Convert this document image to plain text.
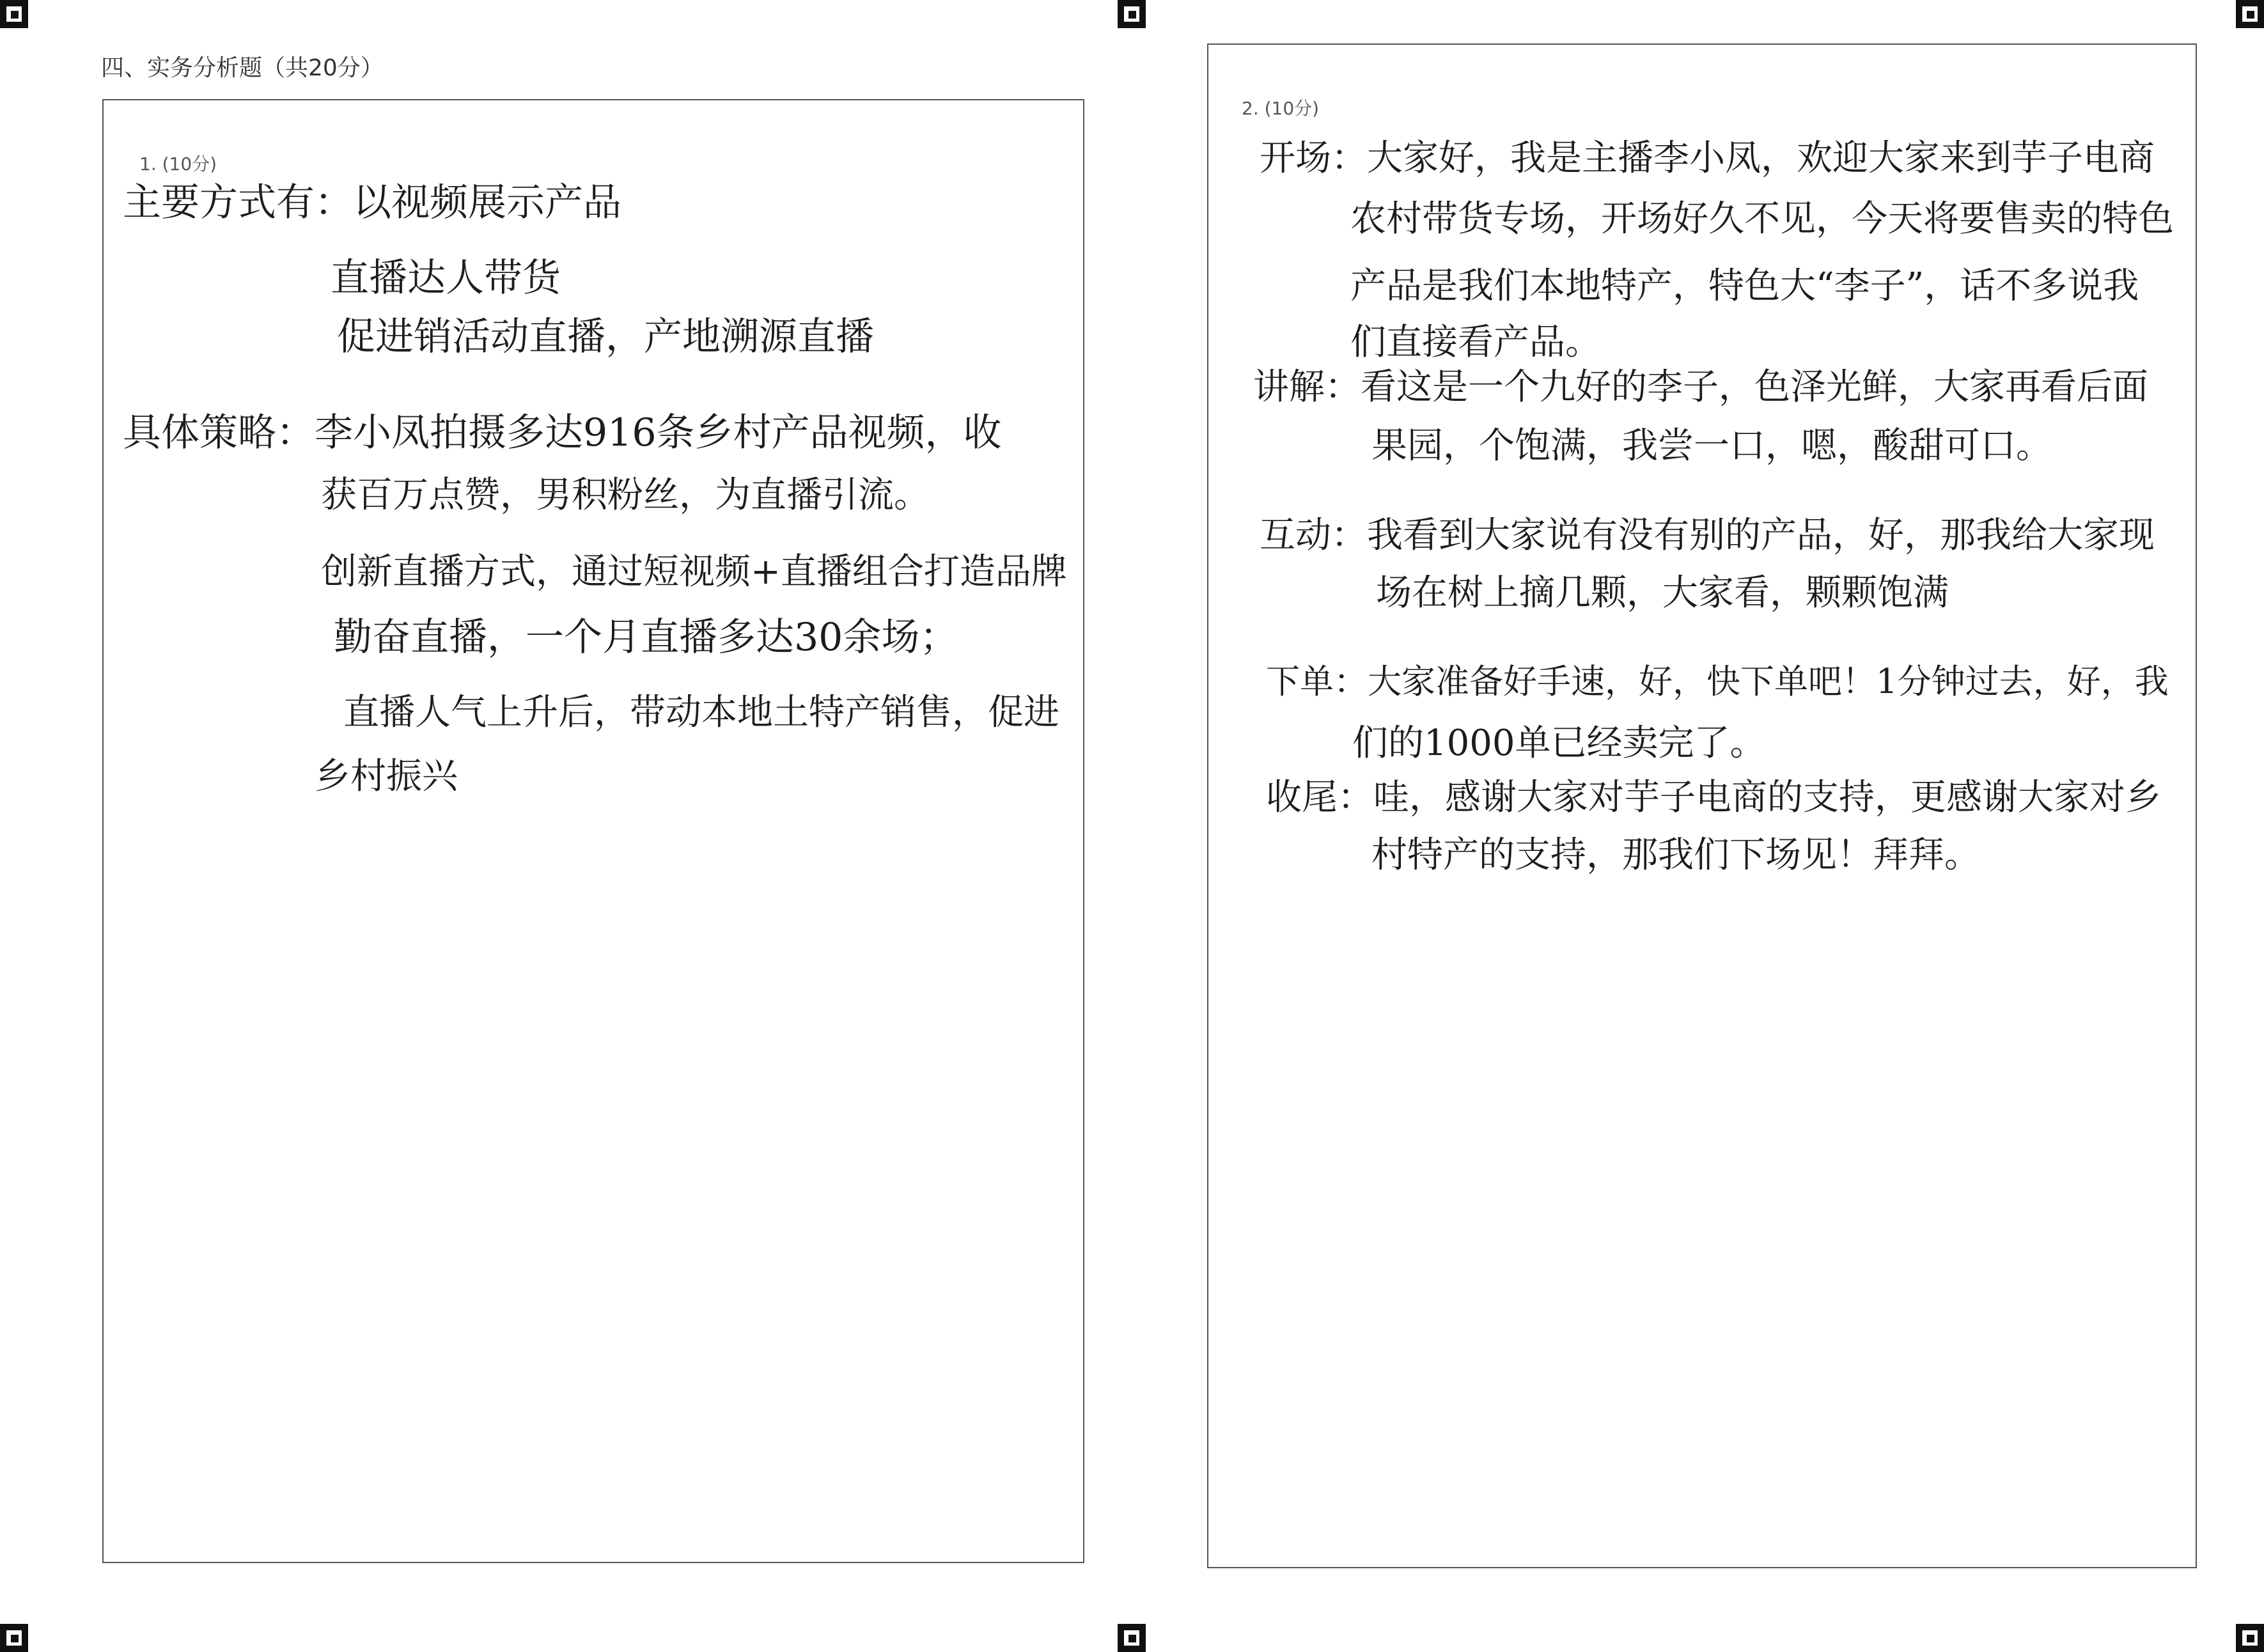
四、实务分析题（共20分）
1. (10分)
主要方式有：以视频展示产品
直播达人带货
促进销活动直播，产地溯源直播
具体策略：李小凤拍摄多达916条乡村产品视频，收
获百万点赞，男积粉丝，为直播引流。
创新直播方式，通过短视频+直播组合打造品牌
勤奋直播，一个月直播多达30余场；
直播人气上升后，带动本地土特产销售，促进
乡村振兴
2. (10分)
开场：大家好，我是主播李小凤，欢迎大家来到芋子电商
农村带货专场，开场好久不见，今天将要售卖的特色
产品是我们本地特产，特色大“李子”，话不多说我
们直接看产品。
讲解：看这是一个九好的李子，色泽光鲜，大家再看后面
果园，个饱满，我尝一口，嗯，酸甜可口。
互动：我看到大家说有没有别的产品，好，那我给大家现
场在树上摘几颗，大家看，颗颗饱满
下单：大家准备好手速，好，快下单吧！1分钟过去，好，我
们的1000单已经卖完了。
收尾：哇，感谢大家对芋子电商的支持，更感谢大家对乡
村特产的支持，那我们下场见！拜拜。
